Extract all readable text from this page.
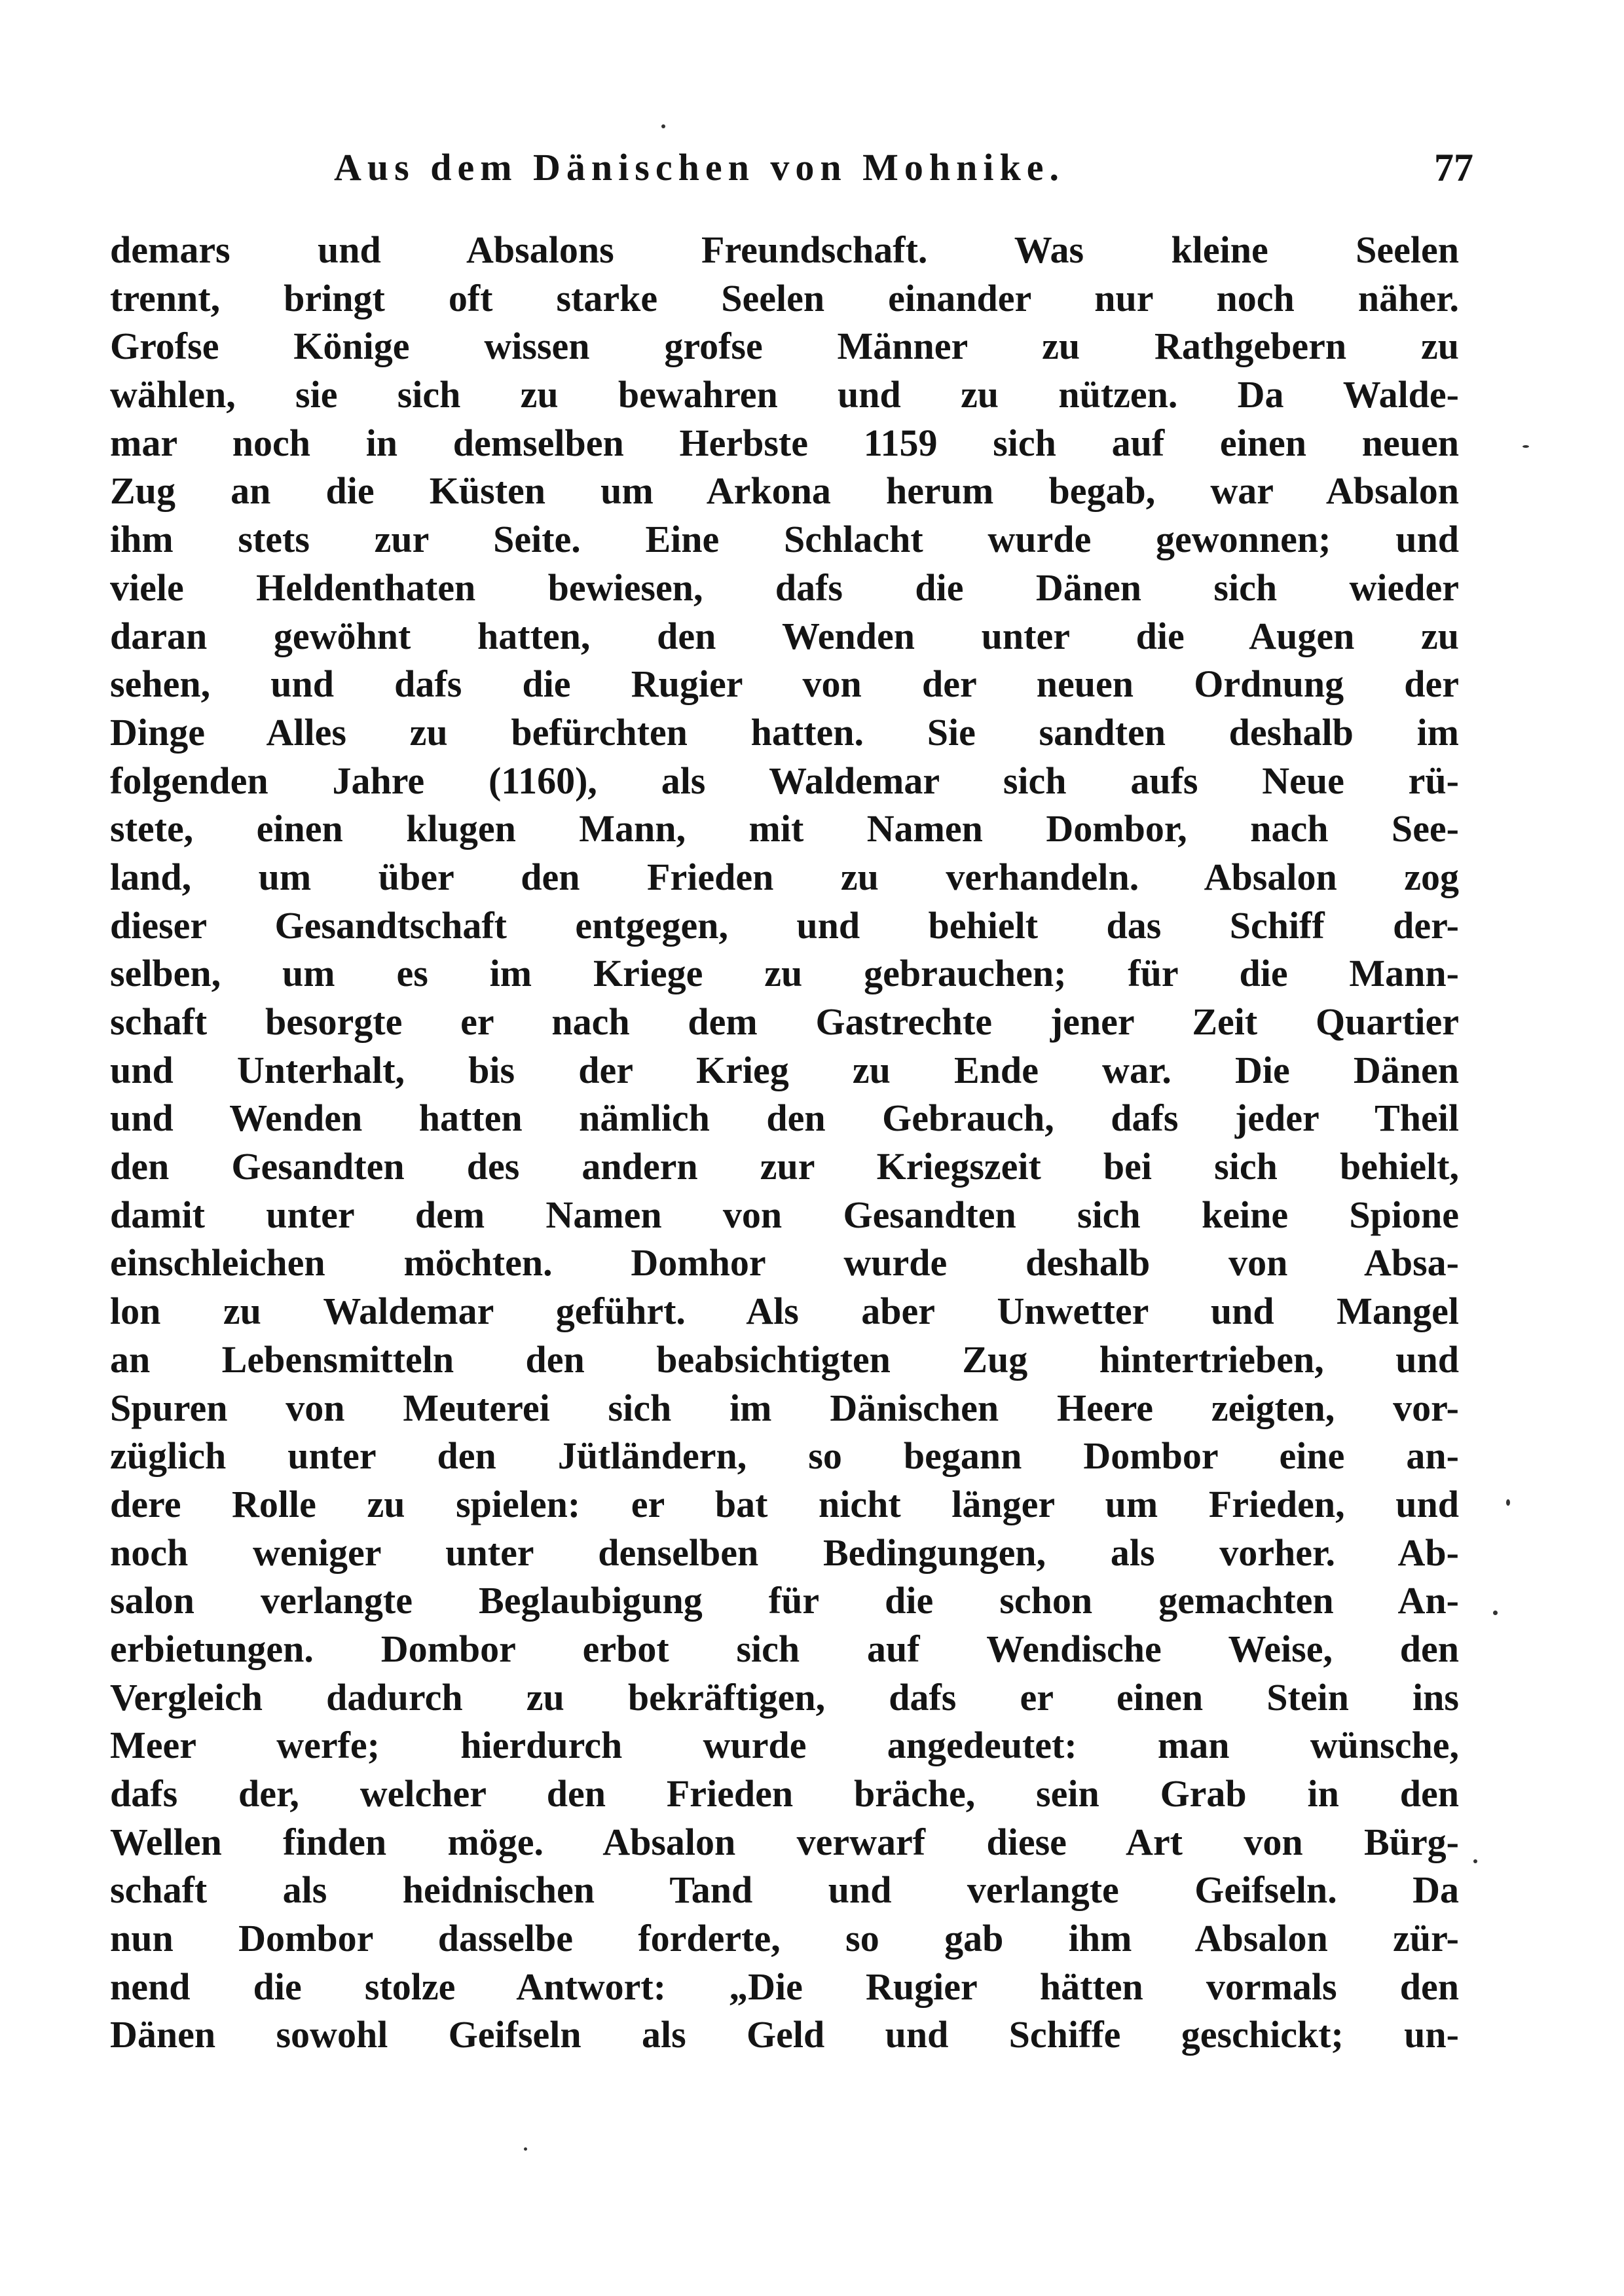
Aus dem Dänischen von Mohnike.	77
demars und Absalons Freundschaft. Was kleine Seelen
trennt, bringt oft starke Seelen einander nur noch näher.
Grofse Könige wissen grofse Männer zu Rathgebern zu
wählen, sie sich zu bewahren und zu nützen. Da Walde-
mar noch in demselben Herbste 1159 sich auf einen neuen
Zug an die Küsten um Arkona herum begab, war Absalon
ihm stets zur Seite. Eine Schlacht wurde gewonnen; und
viele Heldenthaten bewiesen, dafs die Dänen sich wieder
daran gewöhnt hatten, den Wenden unter die Augen zu
sehen, und dafs die Rugier von der neuen Ordnung der
Dinge Alles zu befürchten hatten. Sie sandten deshalb im
folgenden Jahre (1160), als Waldemar sich aufs Neue rü-
stete, einen klugen Mann, mit Namen Dombor, nach See-
land, um über den Frieden zu verhandeln. Absalon zog
dieser Gesandtschaft entgegen, und behielt das Schiff der-
selben, um es im Kriege zu gebrauchen; für die Mann-
schaft besorgte er nach dem Gastrechte jener Zeit Quartier
und Unterhalt, bis der Krieg zu Ende war. Die Dänen
und Wenden hatten nämlich den Gebrauch, dafs jeder Theil
den Gesandten des andern zur Kriegszeit bei sich behielt,
damit unter dem Namen von Gesandten sich keine Spione
einschleichen möchten. Domhor wurde deshalb von Absa-
lon zu Waldemar geführt. Als aber Unwetter und Mangel
an Lebensmitteln den beabsichtigten Zug hintertrieben, und
Spuren von Meuterei sich im Dänischen Heere zeigten, vor-
züglich unter den Jütländern, so begann Dombor eine an-
dere Rolle zu spielen: er bat nicht länger um Frieden, und
noch weniger unter denselben Bedingungen, als vorher. Ab-
salon verlangte Beglaubigung für die schon gemachten An-
erbietungen. Dombor erbot sich auf Wendische Weise, den
Vergleich dadurch zu bekräftigen, dafs er einen Stein ins
Meer werfe; hierdurch wurde angedeutet: man wünsche,
dafs der, welcher den Frieden bräche, sein Grab in den
Wellen finden möge. Absalon verwarf diese Art von Bürg-
schaft als heidnischen Tand und verlangte Geifseln. Da
nun Dombor dasselbe forderte, so gab ihm Absalon zür-
nend die stolze Antwort: „Die Rugier hätten vormals den
Dänen sowohl Geifseln als Geld und Schiffe geschickt; un-
